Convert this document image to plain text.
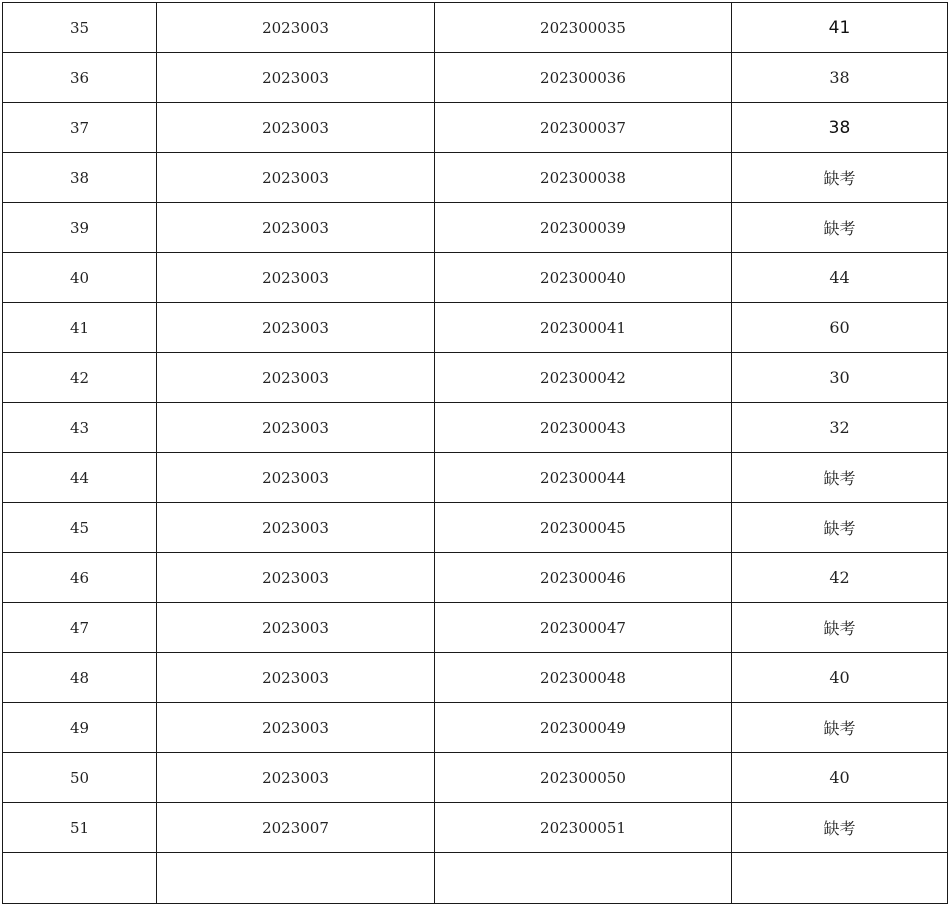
35	2023003	202300035	41
36	2023003	202300036	38
37	2023003	202300037	38
38	2023003	202300038	缺考
39	2023003	202300039	缺考
40	2023003	202300040	44
41	2023003	202300041	60
42	2023003	202300042	30
43	2023003	202300043	32
44	2023003	202300044	缺考
45	2023003	202300045	缺考
46	2023003	202300046	42
47	2023003	202300047	缺考
48	2023003	202300048	40
49	2023003	202300049	缺考
50	2023003	202300050	40
51	2023007	202300051	缺考
